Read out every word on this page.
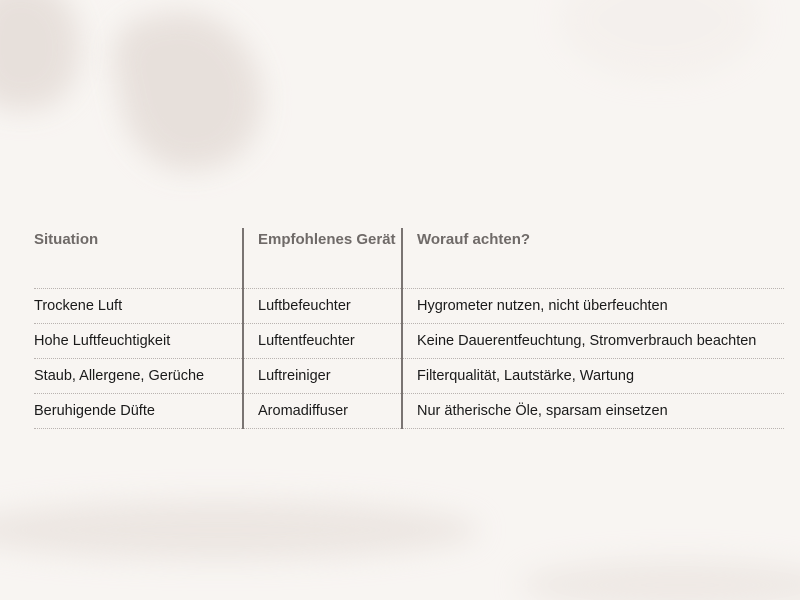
Situation	Empfohlenes Gerät	Worauf achten?
Trockene Luft	Luftbefeuchter	Hygrometer nutzen, nicht überfeuchten
Hohe Luftfeuchtigkeit	Luftentfeuchter	Keine Dauerentfeuchtung, Stromverbrauch beachten
Staub, Allergene, Gerüche	Luftreiniger	Filterqualität, Lautstärke, Wartung
Beruhigende Düfte	Aromadiffuser	Nur ätherische Öle, sparsam einsetzen
